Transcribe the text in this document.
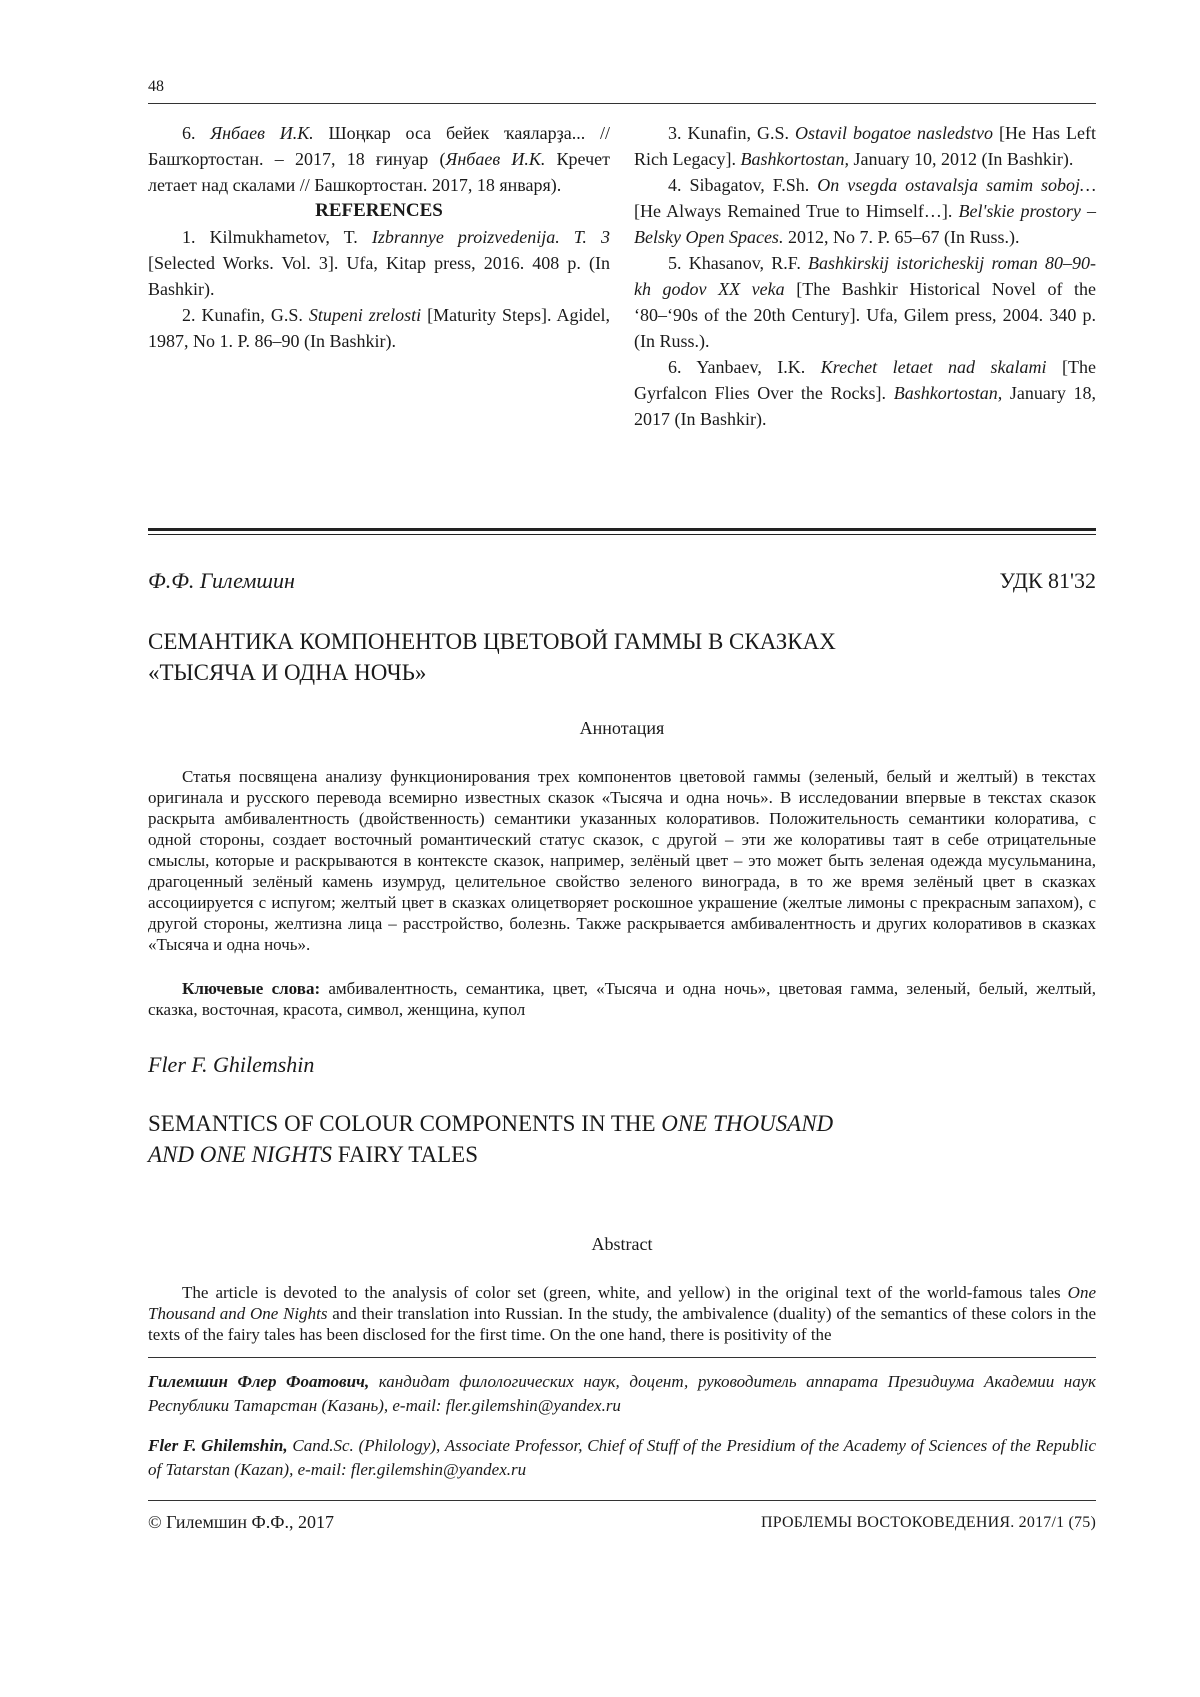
48

6. Янбаев И.К. Шоңкар оса бейек ҡаяларҙа... // Башҡортостан. – 2017, 18 ғинуар (Янбаев И.К. Кречет летает над скалами // Башкортостан. 2017, 18 января).

REFERENCES

1. Kilmukhametov, T. Izbrannye proizvedenija. T. 3 [Selected Works. Vol. 3]. Ufa, Kitap press, 2016. 408 p. (In Bashkir).

2. Kunafin, G.S. Stupeni zrelosti [Maturity Steps]. Agidel, 1987, No 1. P. 86–90 (In Bashkir).

3. Kunafin, G.S. Ostavil bogatoe nasledstvo [He Has Left Rich Legacy]. Bashkortostan, January 10, 2012 (In Bashkir).

4. Sibagatov, F.Sh. On vsegda ostavalsja samim soboj… [He Always Remained True to Himself…]. Bel'skie prostory – Belsky Open Spaces. 2012, No 7. P. 65–67 (In Russ.).

5. Khasanov, R.F. Bashkirskij istoricheskij roman 80–90-kh godov XX veka [The Bashkir Historical Novel of the ‘80–‘90s of the 20th Century]. Ufa, Gilem press, 2004. 340 p. (In Russ.).

6. Yanbaev, I.K. Krechet letaet nad skalami [The Gyrfalcon Flies Over the Rocks]. Bashkortostan, January 18, 2017 (In Bashkir).

Ф.Ф. Гилемшин	УДК 81'32
СЕМАНТИКА КОМПОНЕНТОВ ЦВЕТОВОЙ ГАММЫ В СКАЗКАХ
«ТЫСЯЧА И ОДНА НОЧЬ»
Аннотация

Статья посвящена анализу функционирования трех компонентов цветовой гаммы (зеленый, белый и желтый) в текстах оригинала и русского перевода всемирно известных сказок «Тысяча и одна ночь». В исследовании впервые в текстах сказок раскрыта амбивалентность (двойственность) семантики указанных колоративов. Положительность семантики колоратива, с одной стороны, создает восточный романтический статус сказок, с другой – эти же колоративы таят в себе отрицательные смыслы, которые и раскрываются в контексте сказок, например, зелёный цвет – это может быть зеленая одежда мусульманина, драгоценный зелёный камень изумруд, целительное свойство зеленого винограда, в то же время зелёный цвет в сказках ассоциируется с испугом; желтый цвет в сказках олицетворяет роскошное украшение (желтые лимоны с прекрасным запахом), с другой стороны, желтизна лица – расстройство, болезнь. Также раскрывается амбивалентность и других колоративов в сказках «Тысяча и одна ночь».

Ключевые слова: амбивалентность, семантика, цвет, «Тысяча и одна ночь», цветовая гамма, зеленый, белый, желтый, сказка, восточная, красота, символ, женщина, купол

Fler F. Ghilemshin
SEMANTICS OF COLOUR COMPONENTS IN THE ONE THOUSAND
AND ONE NIGHTS FAIRY TALES
Abstract

The article is devoted to the analysis of color set (green, white, and yellow) in the original text of the world-famous tales One Thousand and One Nights and their translation into Russian. In the study, the ambivalence (duality) of the semantics of these colors in the texts of the fairy tales has been disclosed for the first time. On the one hand, there is positivity of the

Гилемшин Флер Фоатович, кандидат филологических наук, доцент, руководитель аппарата Президиума Академии наук Республики Татарстан (Казань), e-mail: fler.gilemshin@yandex.ru
Fler F. Ghilemshin, Cand.Sc. (Philology), Associate Professor, Chief of Stuff of the Presidium of the Academy of Sciences of the Republic of Tatarstan (Kazan), e-mail: fler.gilemshin@yandex.ru
© Гилемшин Ф.Ф., 2017	ПРОБЛЕМЫ ВОСТОКОВЕДЕНИЯ. 2017/1 (75)
